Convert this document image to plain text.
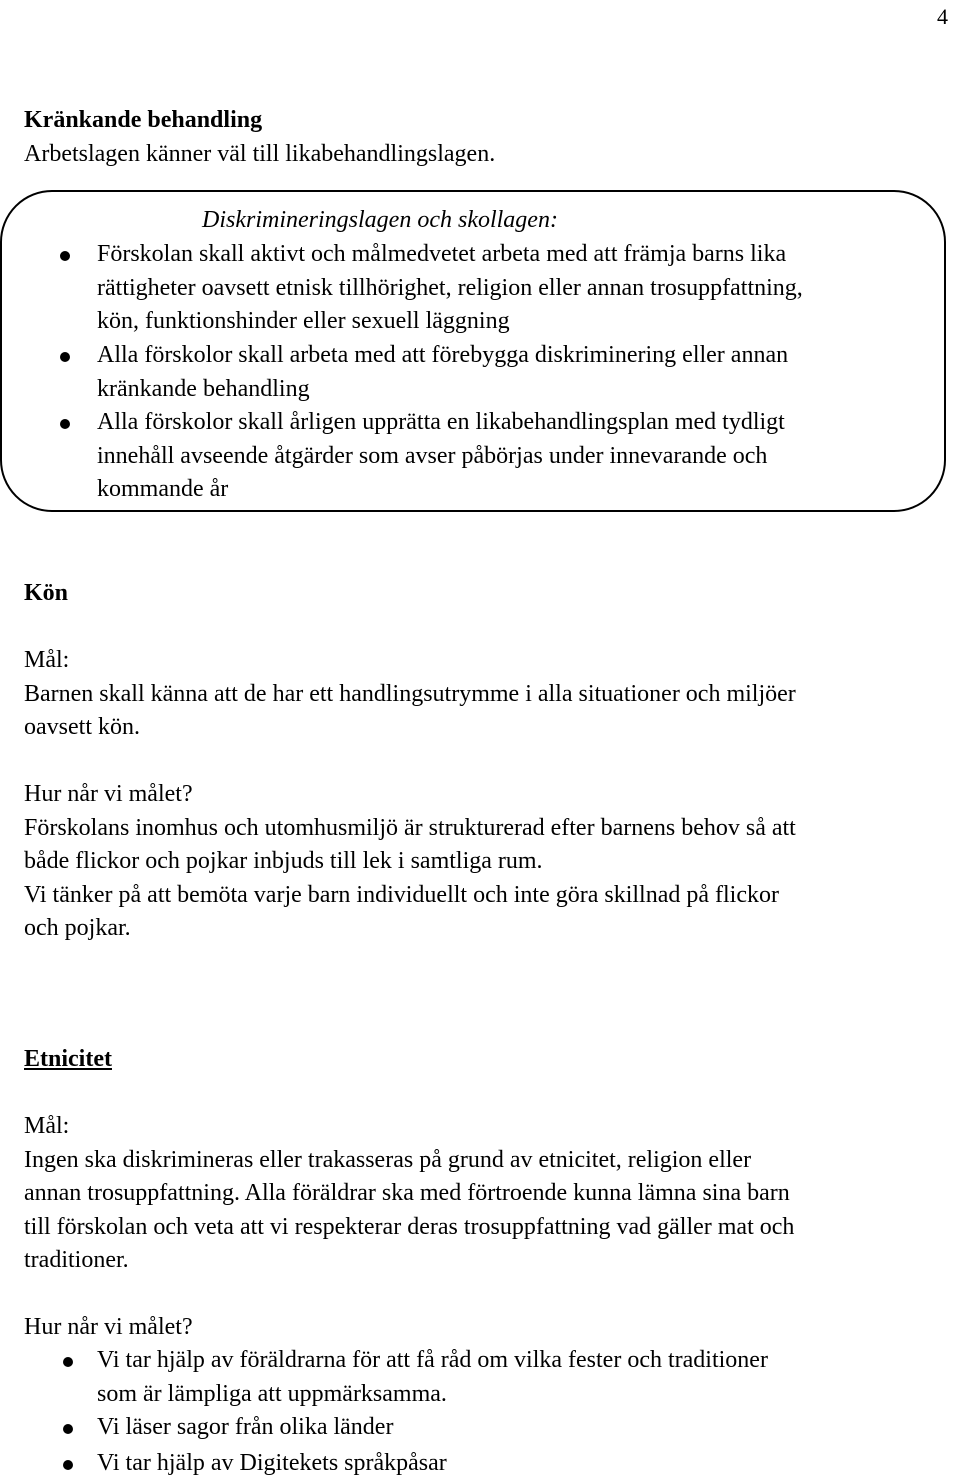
4
Kränkande behandling
Arbetslagen känner väl till likabehandlingslagen.
Diskrimineringslagen och skollagen:
Förskolan skall aktivt och målmedvetet arbeta med att främja barns lika
rättigheter oavsett etnisk tillhörighet, religion eller annan trosuppfattning,
kön, funktionshinder eller sexuell läggning
Alla förskolor skall arbeta med att förebygga diskriminering eller annan
kränkande behandling
Alla förskolor skall årligen upprätta en likabehandlingsplan med tydligt
innehåll avseende åtgärder som avser påbörjas under innevarande och
kommande år
Kön
Mål:
Barnen skall känna att de har ett handlingsutrymme i alla situationer och miljöer
oavsett kön.
Hur når vi målet?
Förskolans inomhus och utomhusmiljö är strukturerad efter barnens behov så att
både flickor och pojkar inbjuds till lek i samtliga rum.
Vi tänker på att bemöta varje barn individuellt och inte göra skillnad på flickor
och pojkar.
Etnicitet
Mål:
Ingen ska diskrimineras eller trakasseras på grund av etnicitet, religion eller
annan trosuppfattning. Alla föräldrar ska med förtroende kunna lämna sina barn
till förskolan och veta att vi respekterar deras trosuppfattning vad gäller mat och
traditioner.
Hur når vi målet?
Vi tar hjälp av föräldrarna för att få råd om vilka fester och traditioner
som är lämpliga att uppmärksamma.
Vi läser sagor från olika länder
Vi tar hjälp av Digitekets språkpåsar
